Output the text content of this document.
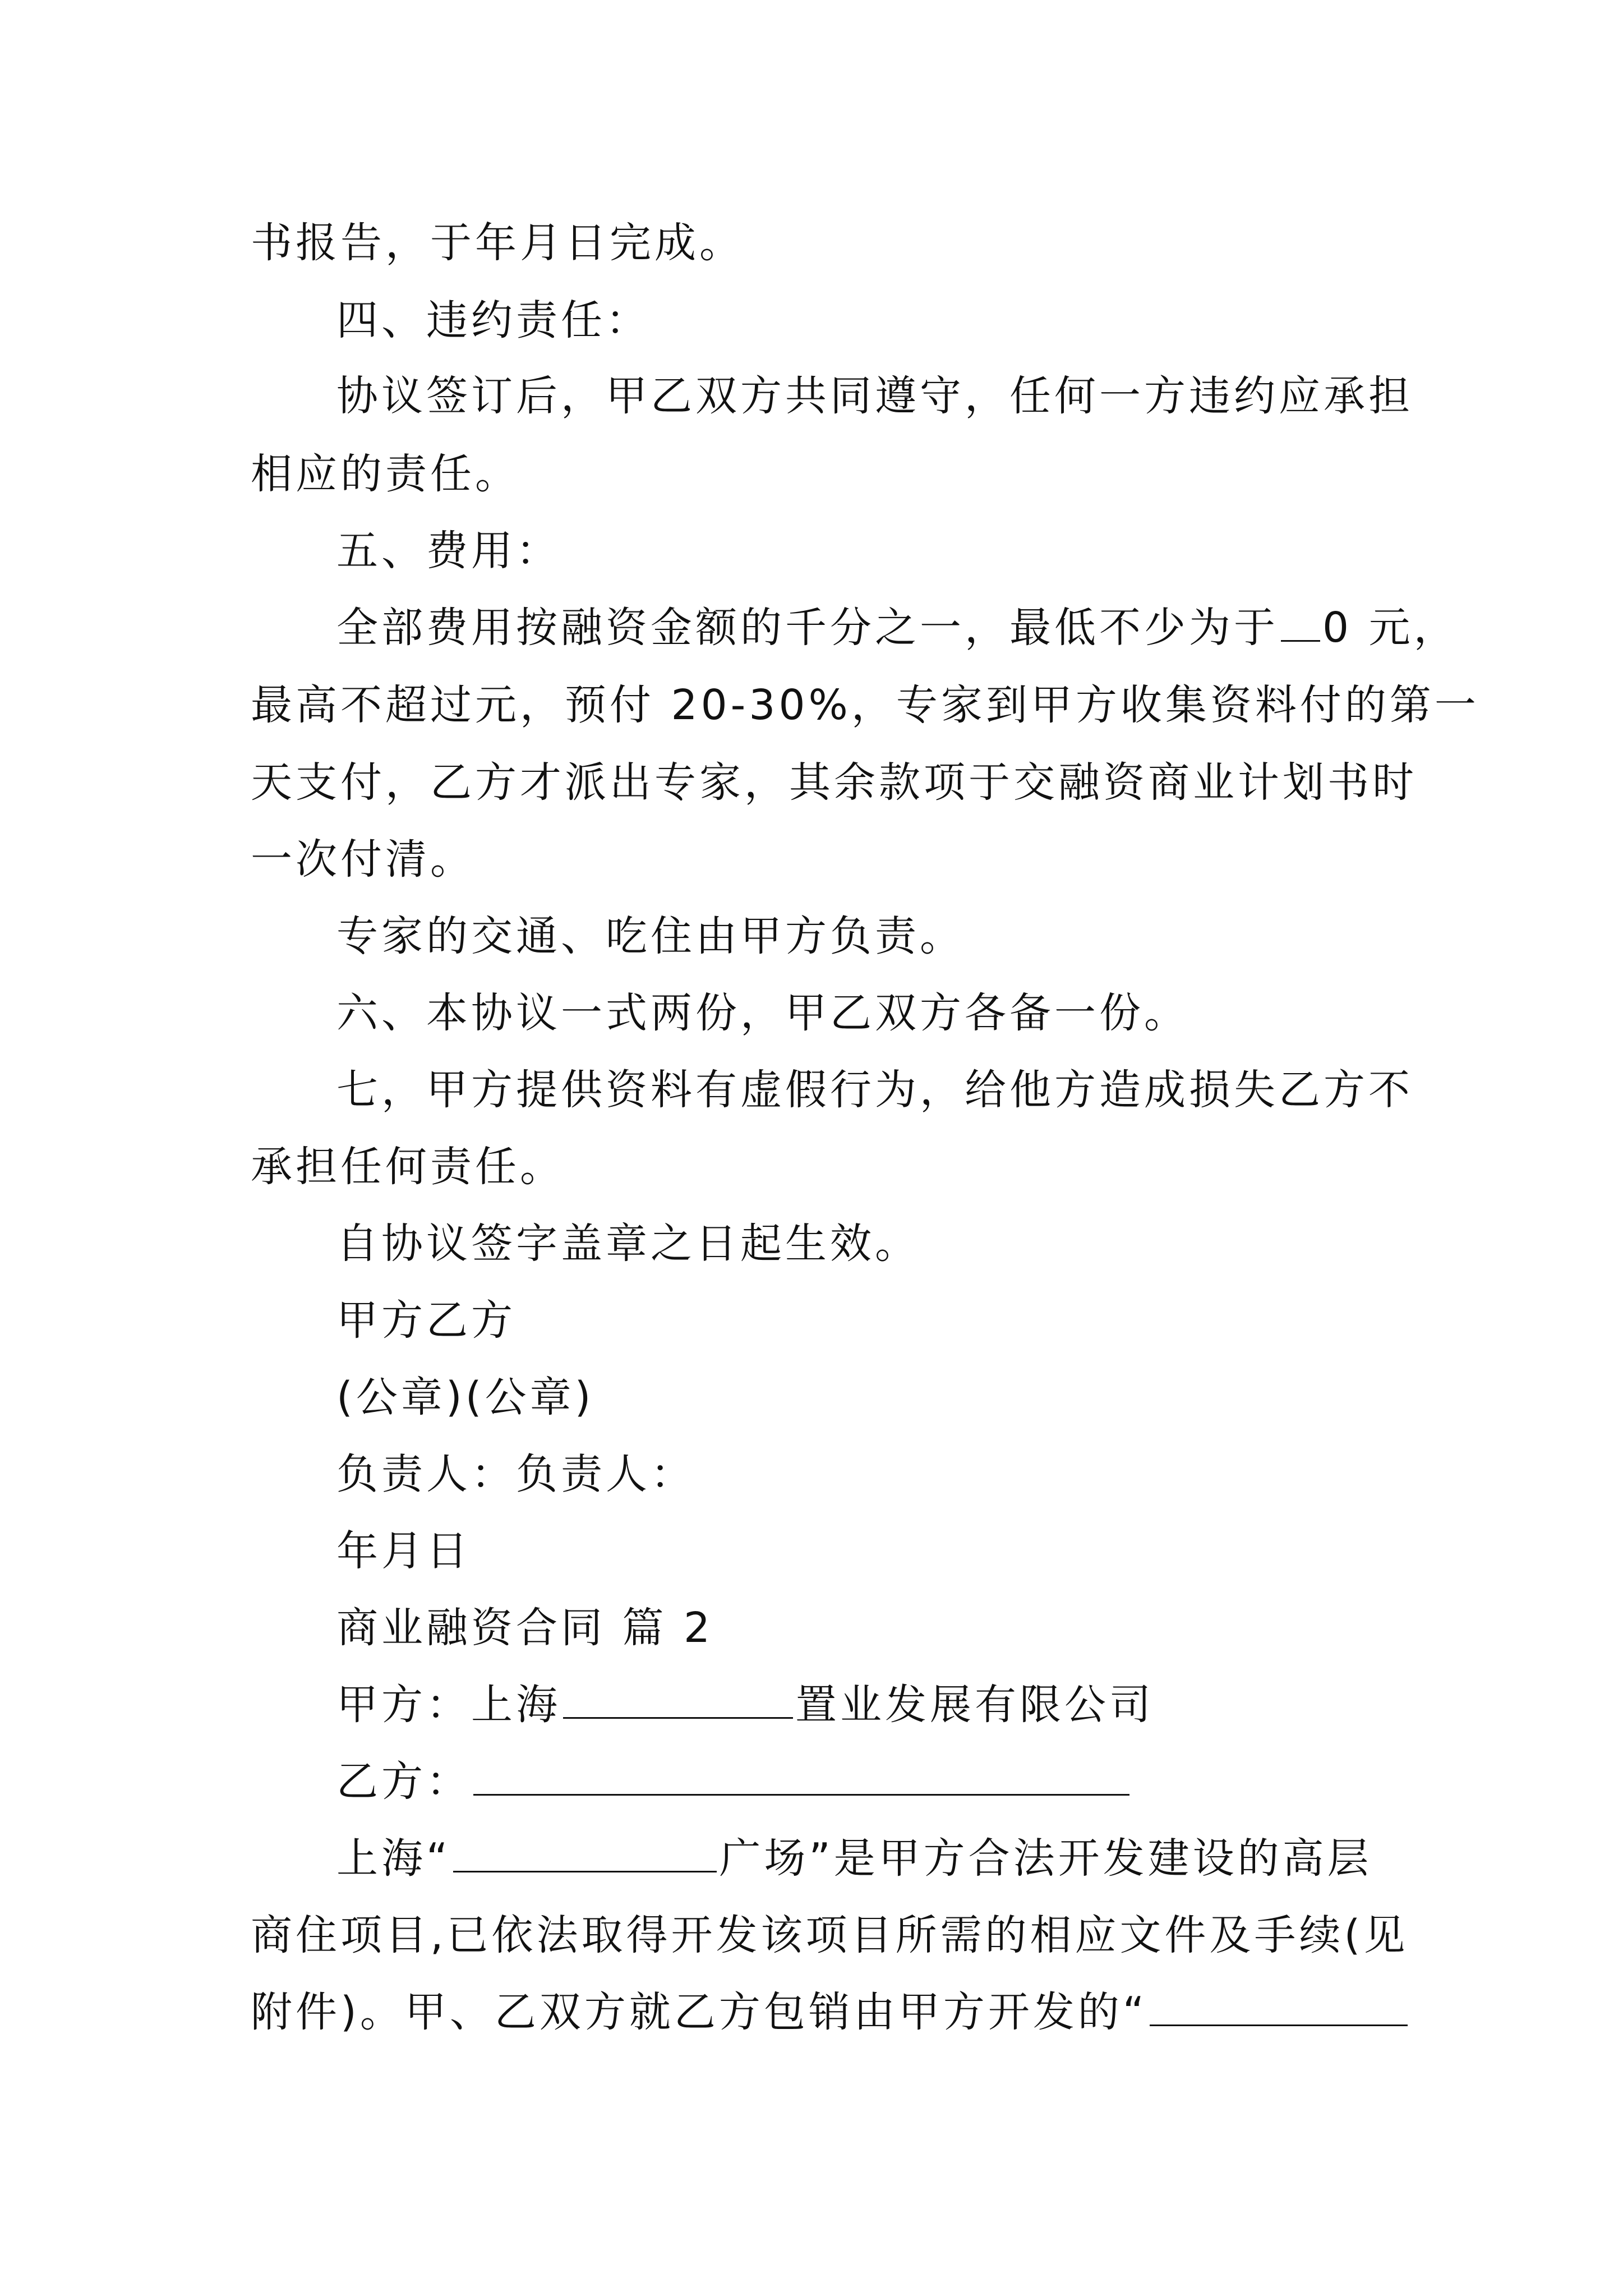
书报告，于年月日完成。
四、违约责任：
协议签订后，甲乙双方共同遵守，任何一方违约应承担
相应的责任。
五、费用：
全部费用按融资金额的千分之一，最低不少为于 0 元，
最高不超过元，预付 20-30%，专家到甲方收集资料付的第一
天支付，乙方才派出专家，其余款项于交融资商业计划书时
一次付清。
专家的交通、吃住由甲方负责。
六、本协议一式两份，甲乙双方各备一份。
七，甲方提供资料有虚假行为，给他方造成损失乙方不
承担任何责任。
自协议签字盖章之日起生效。
甲方乙方
(公章)(公章)
负责人：负责人：
年月日
商业融资合同 篇 2
甲方：上海	置业发展有限公司
乙方：
上海“	广场”是甲方合法开发建设的高层
商住项目,已依法取得开发该项目所需的相应文件及手续(见
附件)。甲、乙双方就乙方包销由甲方开发的“
